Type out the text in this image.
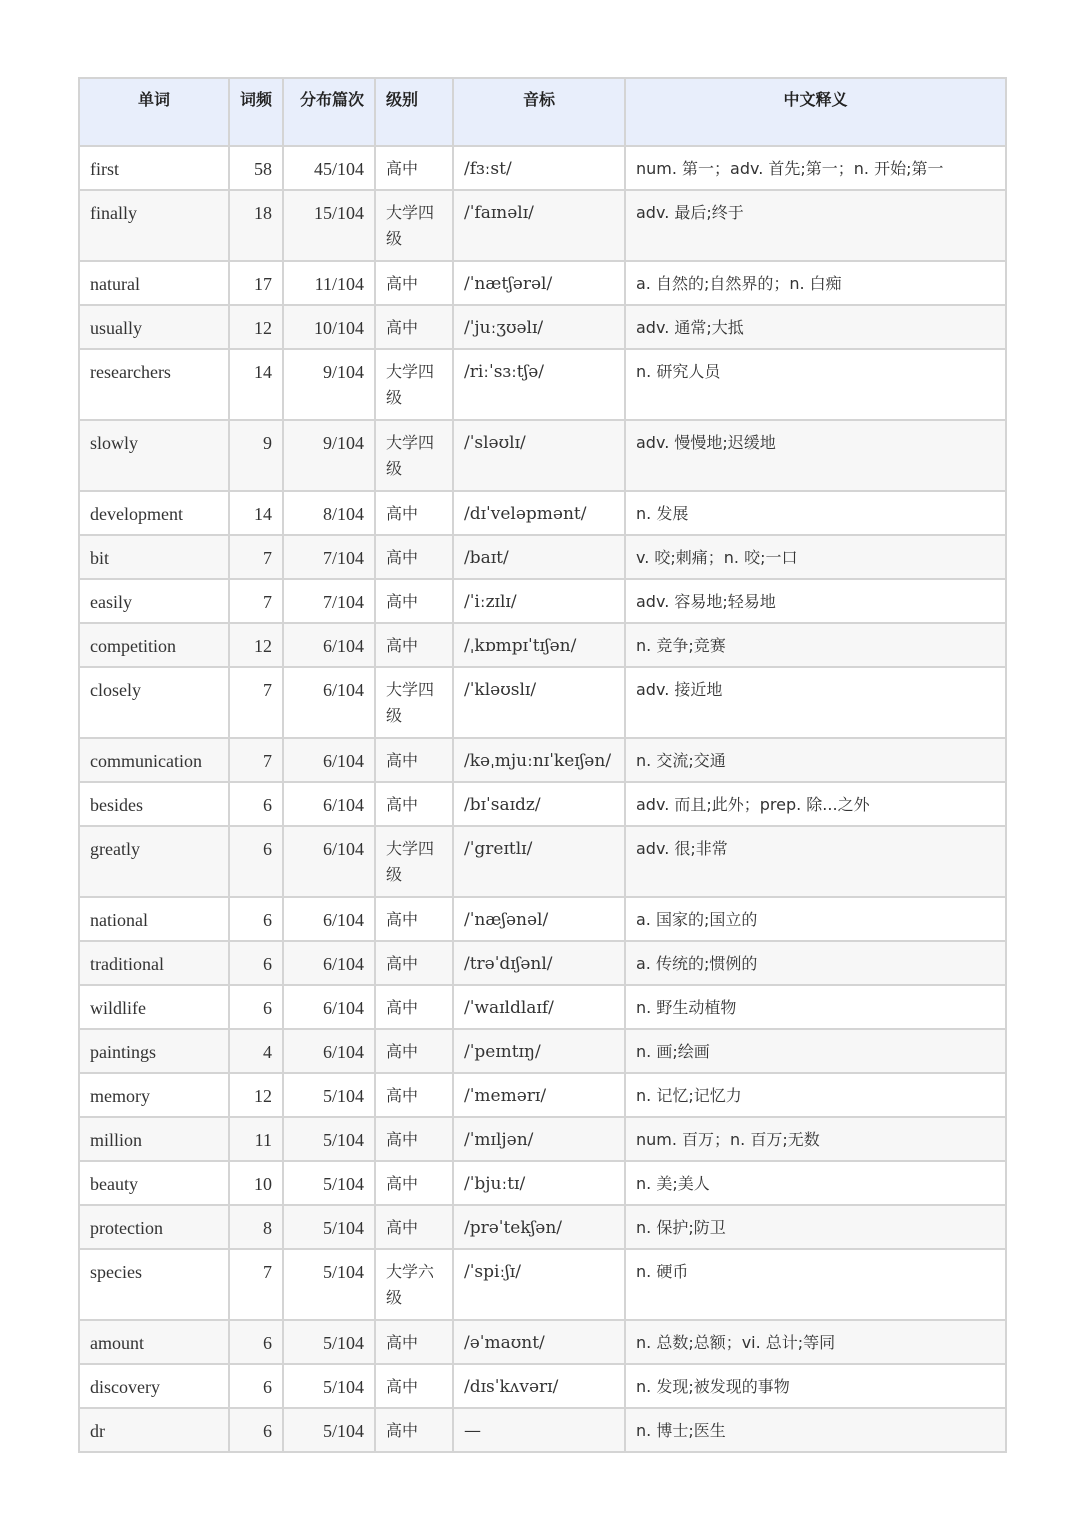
单词	词频	分布篇次	级别	音标	中文释义
first	58	45/104	高中	/fɜːst/	num. 第一；adv. 首先;第一；n. 开始;第一
finally	18	15/104	大学四级	/ˈfaɪnəlɪ/	adv. 最后;终于
natural	17	11/104	高中	/ˈnætʃərəl/	a. 自然的;自然界的；n. 白痴
usually	12	10/104	高中	/ˈjuːʒʊəlɪ/	adv. 通常;大抵
researchers	14	9/104	大学四级	/riːˈsɜːtʃə/	n. 研究人员
slowly	9	9/104	大学四级	/ˈsləʊlɪ/	adv. 慢慢地;迟缓地
development	14	8/104	高中	/dɪˈveləpmənt/	n. 发展
bit	7	7/104	高中	/baɪt/	v. 咬;刺痛；n. 咬;一口
easily	7	7/104	高中	/ˈiːzɪlɪ/	adv. 容易地;轻易地
competition	12	6/104	高中	/ˌkɒmpɪˈtɪʃən/	n. 竞争;竞赛
closely	7	6/104	大学四级	/ˈkləʊslɪ/	adv. 接近地
communication	7	6/104	高中	/kəˌmjuːnɪˈkeɪʃən/	n. 交流;交通
besides	6	6/104	高中	/bɪˈsaɪdz/	adv. 而且;此外；prep. 除...之外
greatly	6	6/104	大学四级	/ˈgreɪtlɪ/	adv. 很;非常
national	6	6/104	高中	/ˈnæʃənəl/	a. 国家的;国立的
traditional	6	6/104	高中	/trəˈdɪʃənl/	a. 传统的;惯例的
wildlife	6	6/104	高中	/ˈwaɪldlaɪf/	n. 野生动植物
paintings	4	6/104	高中	/ˈpeɪntɪŋ/	n. 画;绘画
memory	12	5/104	高中	/ˈmemərɪ/	n. 记忆;记忆力
million	11	5/104	高中	/ˈmɪljən/	num. 百万；n. 百万;无数
beauty	10	5/104	高中	/ˈbjuːtɪ/	n. 美;美人
protection	8	5/104	高中	/prəˈtekʃən/	n. 保护;防卫
species	7	5/104	大学六级	/ˈspiːʃɪ/	n. 硬币
amount	6	5/104	高中	/əˈmaʊnt/	n. 总数;总额；vi. 总计;等同
discovery	6	5/104	高中	/dɪsˈkʌvərɪ/	n. 发现;被发现的事物
dr	6	5/104	高中	—	n. 博士;医生
